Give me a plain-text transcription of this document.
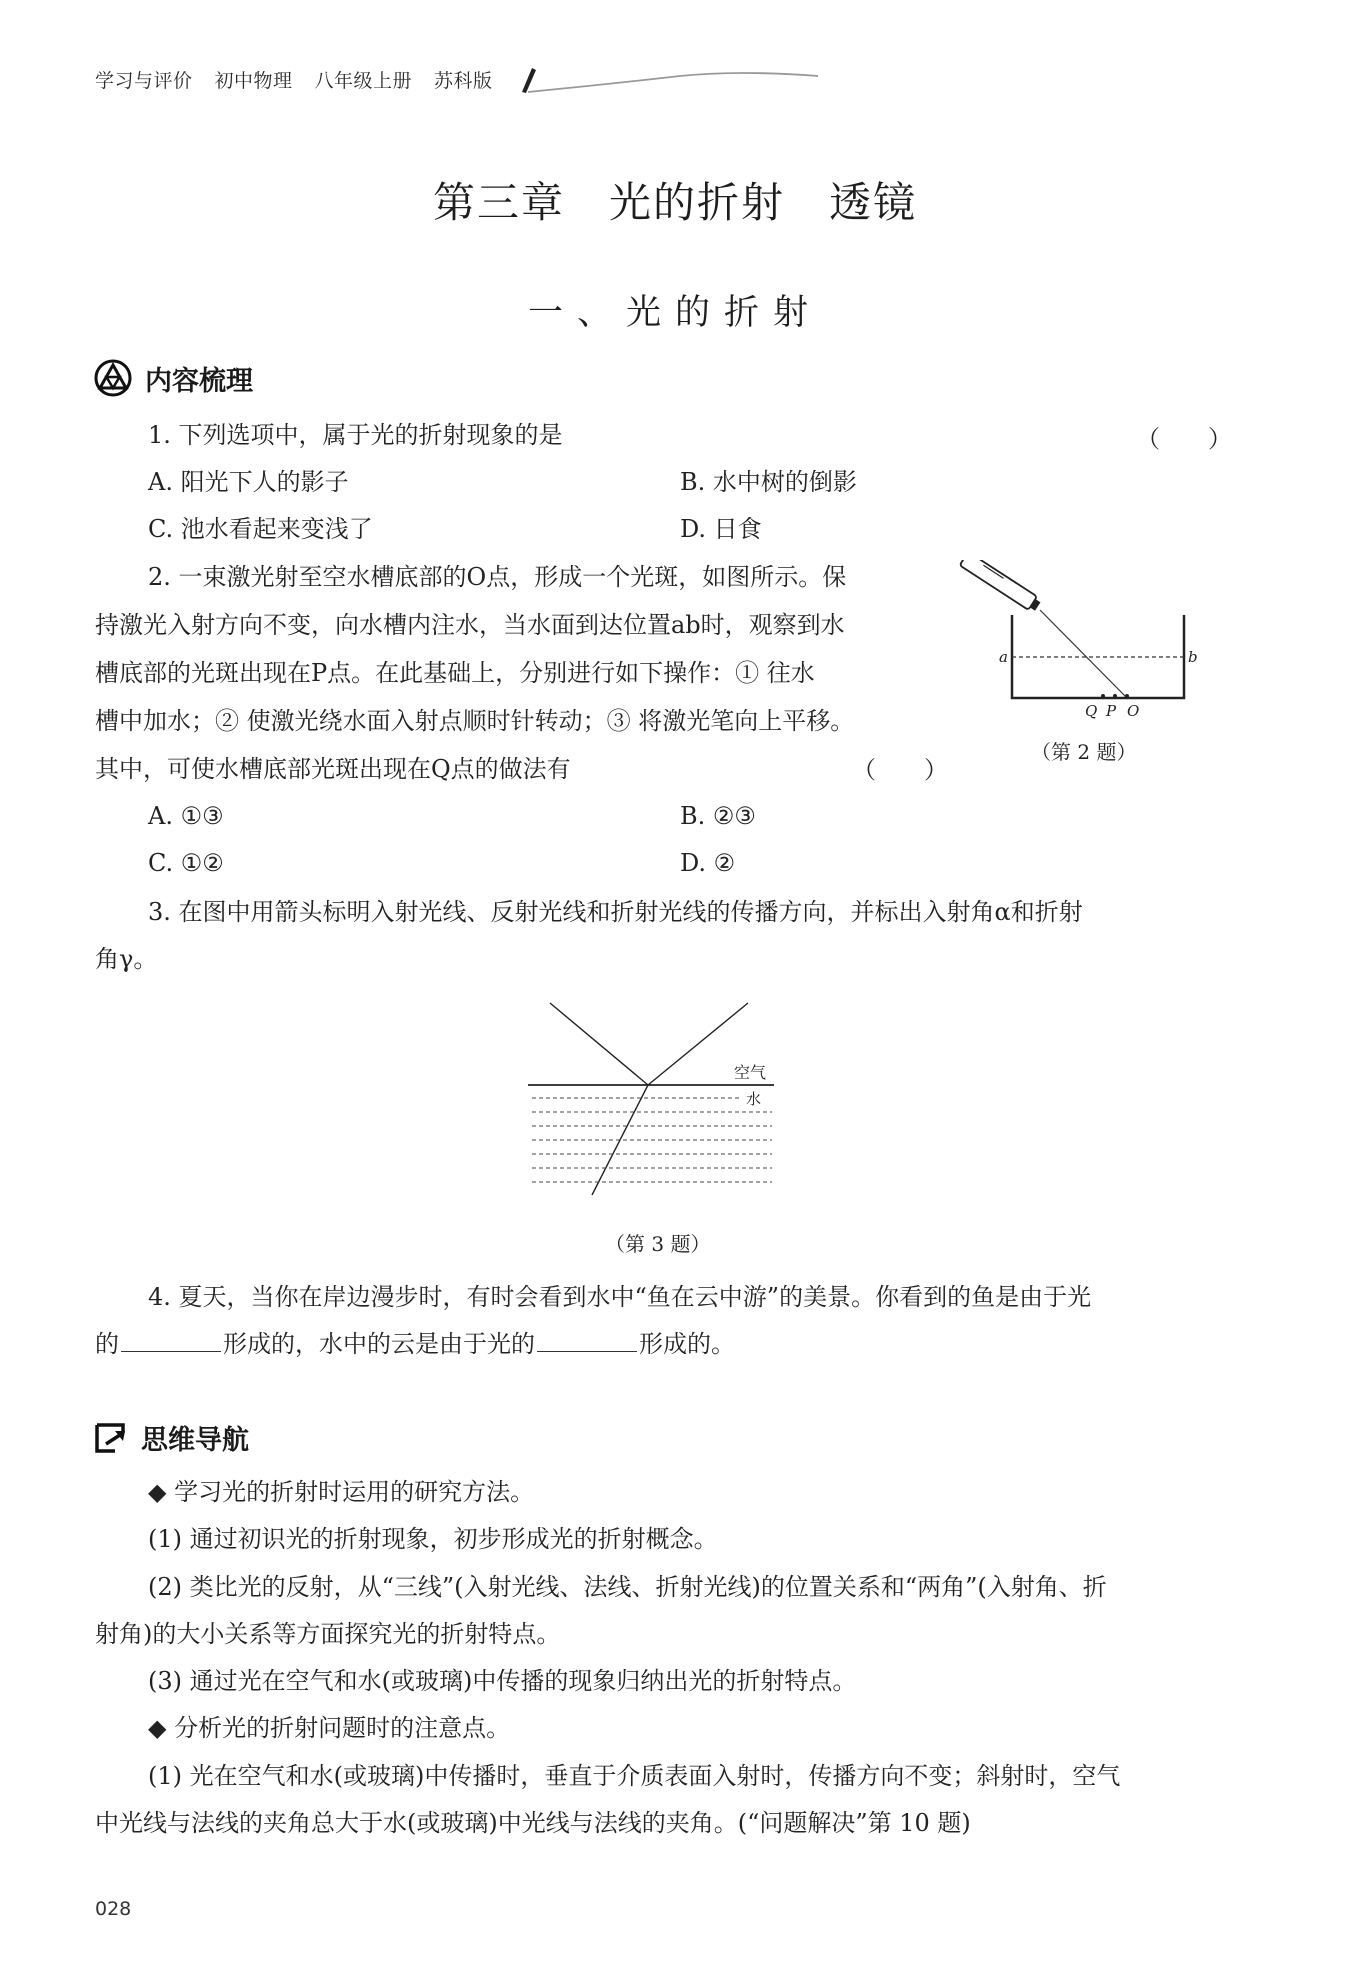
学习与评价 初中物理 八年级上册 苏科版
第三章　光的折射　透镜
一、光的折射
内容梳理
1. 下列选项中，属于光的折射现象的是	（　　）
A. 阳光下人的影子	B. 水中树的倒影
C. 池水看起来变浅了	D. 日食
2. 一束激光射至空水槽底部的O点，形成一个光斑，如图所示。保
持激光入射方向不变，向水槽内注水，当水面到达位置ab时，观察到水
槽底部的光斑出现在P点。在此基础上，分别进行如下操作：① 往水
槽中加水；② 使激光绕水面入射点顺时针转动；③ 将激光笔向上平移。
其中，可使水槽底部光斑出现在Q点的做法有	（　　）
A. ①③	B. ②③
C. ①②	D. ②
a	b
Q P O
（第 2 题）
3. 在图中用箭头标明入射光线、反射光线和折射光线的传播方向，并标出入射角α和折射
角γ。
空气
水
（第 3 题）
4. 夏天，当你在岸边漫步时，有时会看到水中“鱼在云中游”的美景。你看到的鱼是由于光
的	形成的，水中的云是由于光的	形成的。
思维导航
◆ 学习光的折射时运用的研究方法。
(1) 通过初识光的折射现象，初步形成光的折射概念。
(2) 类比光的反射，从“三线”(入射光线、法线、折射光线)的位置关系和“两角”(入射角、折
射角)的大小关系等方面探究光的折射特点。
(3) 通过光在空气和水(或玻璃)中传播的现象归纳出光的折射特点。
◆ 分析光的折射问题时的注意点。
(1) 光在空气和水(或玻璃)中传播时，垂直于介质表面入射时，传播方向不变；斜射时，空气
中光线与法线的夹角总大于水(或玻璃)中光线与法线的夹角。(“问题解决”第 10 题)
028
